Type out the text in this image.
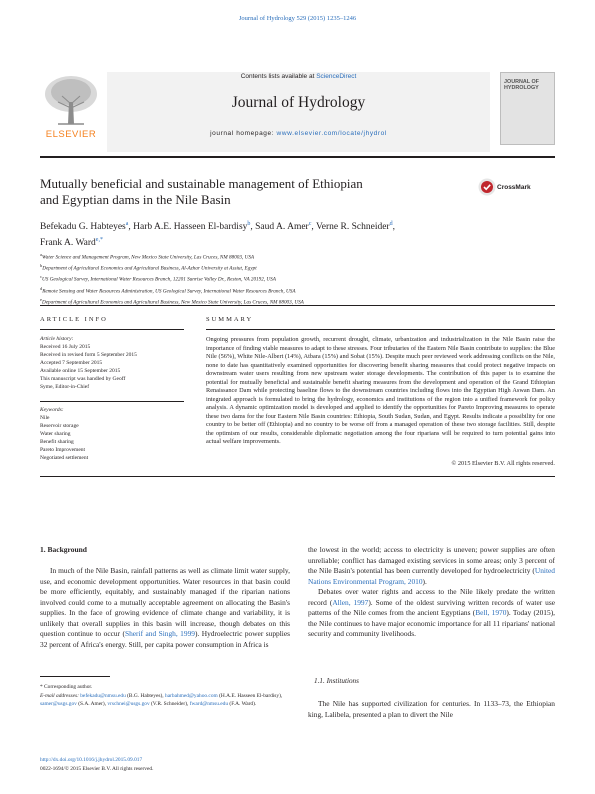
Journal of Hydrology 529 (2015) 1235–1246
ELSEVIER
Contents lists available at ScienceDirect
Journal of Hydrology
journal homepage: www.elsevier.com/locate/jhydrol
JOURNAL OF HYDROLOGY
Mutually beneficial and sustainable management of Ethiopian
and Egyptian dams in the Nile Basin
CrossMark
Befekadu G. Habteyes$^a$, Harb A.E. Hasseen El-bardisy$^b$, Saud A. Amer$^c$, Verne R. Schneider$^d$,
Frank A. Ward$^{e,*}$
$^a$Water Science and Management Program, New Mexico State University, Las Cruces, NM 88003, USA
$^b$Department of Agricultural Economics and Agricultural Business, Al-Azhar University at Assiut, Egypt
$^c$US Geological Survey, International Water Resources Branch, 12201 Sunrise Valley Dr., Reston, VA 20192, USA
$^d$Remote Sensing and Water Resources Administration, US Geological Survey, International Water Resources Branch, USA
$^e$Department of Agricultural Economics and Agricultural Business, New Mexico State University, Las Cruces, NM 88003, USA
ARTICLE INFO
Article history:
Received 16 July 2015
Received in revised form 5 September 2015
Accepted 7 September 2015
Available online 15 September 2015
This manuscript was handled by Geoff
Syme, Editor-in-Chief
Keywords:
Nile
Reservoir storage
Water sharing
Benefit sharing
Pareto Improvement
Negotiated settlement
SUMMARY
Ongoing pressures from population growth, recurrent drought, climate, urbanization and industrialization in the Nile Basin raise the importance of finding viable measures to adapt to these stresses. Four tributaries of the Eastern Nile Basin contribute to supplies: the Blue Nile (56%), White Nile-Albert (14%), Atbara (15%) and Sobat (15%). Despite much peer reviewed work addressing conflicts on the Nile, none to date has quantitatively examined opportunities for discovering benefit sharing measures that could protect negative impacts on downstream water users resulting from new upstream water storage developments. The contribution of this paper is to examine the potential for mutually beneficial and sustainable benefit sharing measures from the development and operation of the Grand Ethiopian Renaissance Dam while protecting baseline flows to the downstream countries including flows into the Egyptian High Aswan Dam. An integrated approach is formulated to bring the hydrology, economics and institutions of the region into a unified framework for policy analysis. A dynamic optimization model is developed and applied to identify the opportunities for Pareto Improving measures to operate these two dams for the four Eastern Nile Basin countries: Ethiopia, South Sudan, Sudan, and Egypt. Results indicate a possibility for one country to be better off (Ethiopia) and no country to be worse off from a managed operation of these two storage facilities. Still, despite the optimism of our results, considerable diplomatic negotiation among the four riparians will be required to turn potential gains into actual welfare improvements.
© 2015 Elsevier B.V. All rights reserved.
1. Background

In much of the Nile Basin, rainfall patterns as well as climate limit water supply, use, and economic development opportunities. Water resources in that basin could be more efficiently, equitably, and sustainably managed if the riparian nations involved could come to a mutually acceptable agreement on allocating the Basin's supplies. In the face of growing evidence of climate change and variability, it is unlikely that overall supplies in this basin will increase, though debates on this question continue to occur (Sherif and Singh, 1999). Hydroelectric power supplies 32 percent of Africa's energy. Still, per capita power consumption in Africa is

the lowest in the world; access to electricity is uneven; power supplies are often unreliable; conflict has damaged existing services in some areas; only 3 percent of the Nile Basin's potential has been currently developed for hydroelectricity (United Nations Environmental Program, 2010).

Debates over water rights and access to the Nile likely predate the written record (Allen, 1997). Some of the oldest surviving written records of water use patterns of the Nile comes from the ancient Egyptians (Bell, 1970). Today (2015), the Nile continues to have major economic importance for all 11 riparians' national security and community livelihoods.

1.1. Institutions

The Nile has supported civilization for centuries. In 1133–73, the Ethiopian king, Lalibela, presented a plan to divert the Nile

* Corresponding author.
E-mail addresses: befekadu@nmsu.edu (B.G. Habteyes), harbahmed@yahoo.com (H.A.E. Hasseen El-bardisy), samer@usgs.gov (S.A. Amer), vrschnei@usgs.gov (V.R. Schneider), fward@nmsu.edu (F.A. Ward).
http://dx.doi.org/10.1016/j.jhydrol.2015.09.017
0022-1694/© 2015 Elsevier B.V. All rights reserved.
